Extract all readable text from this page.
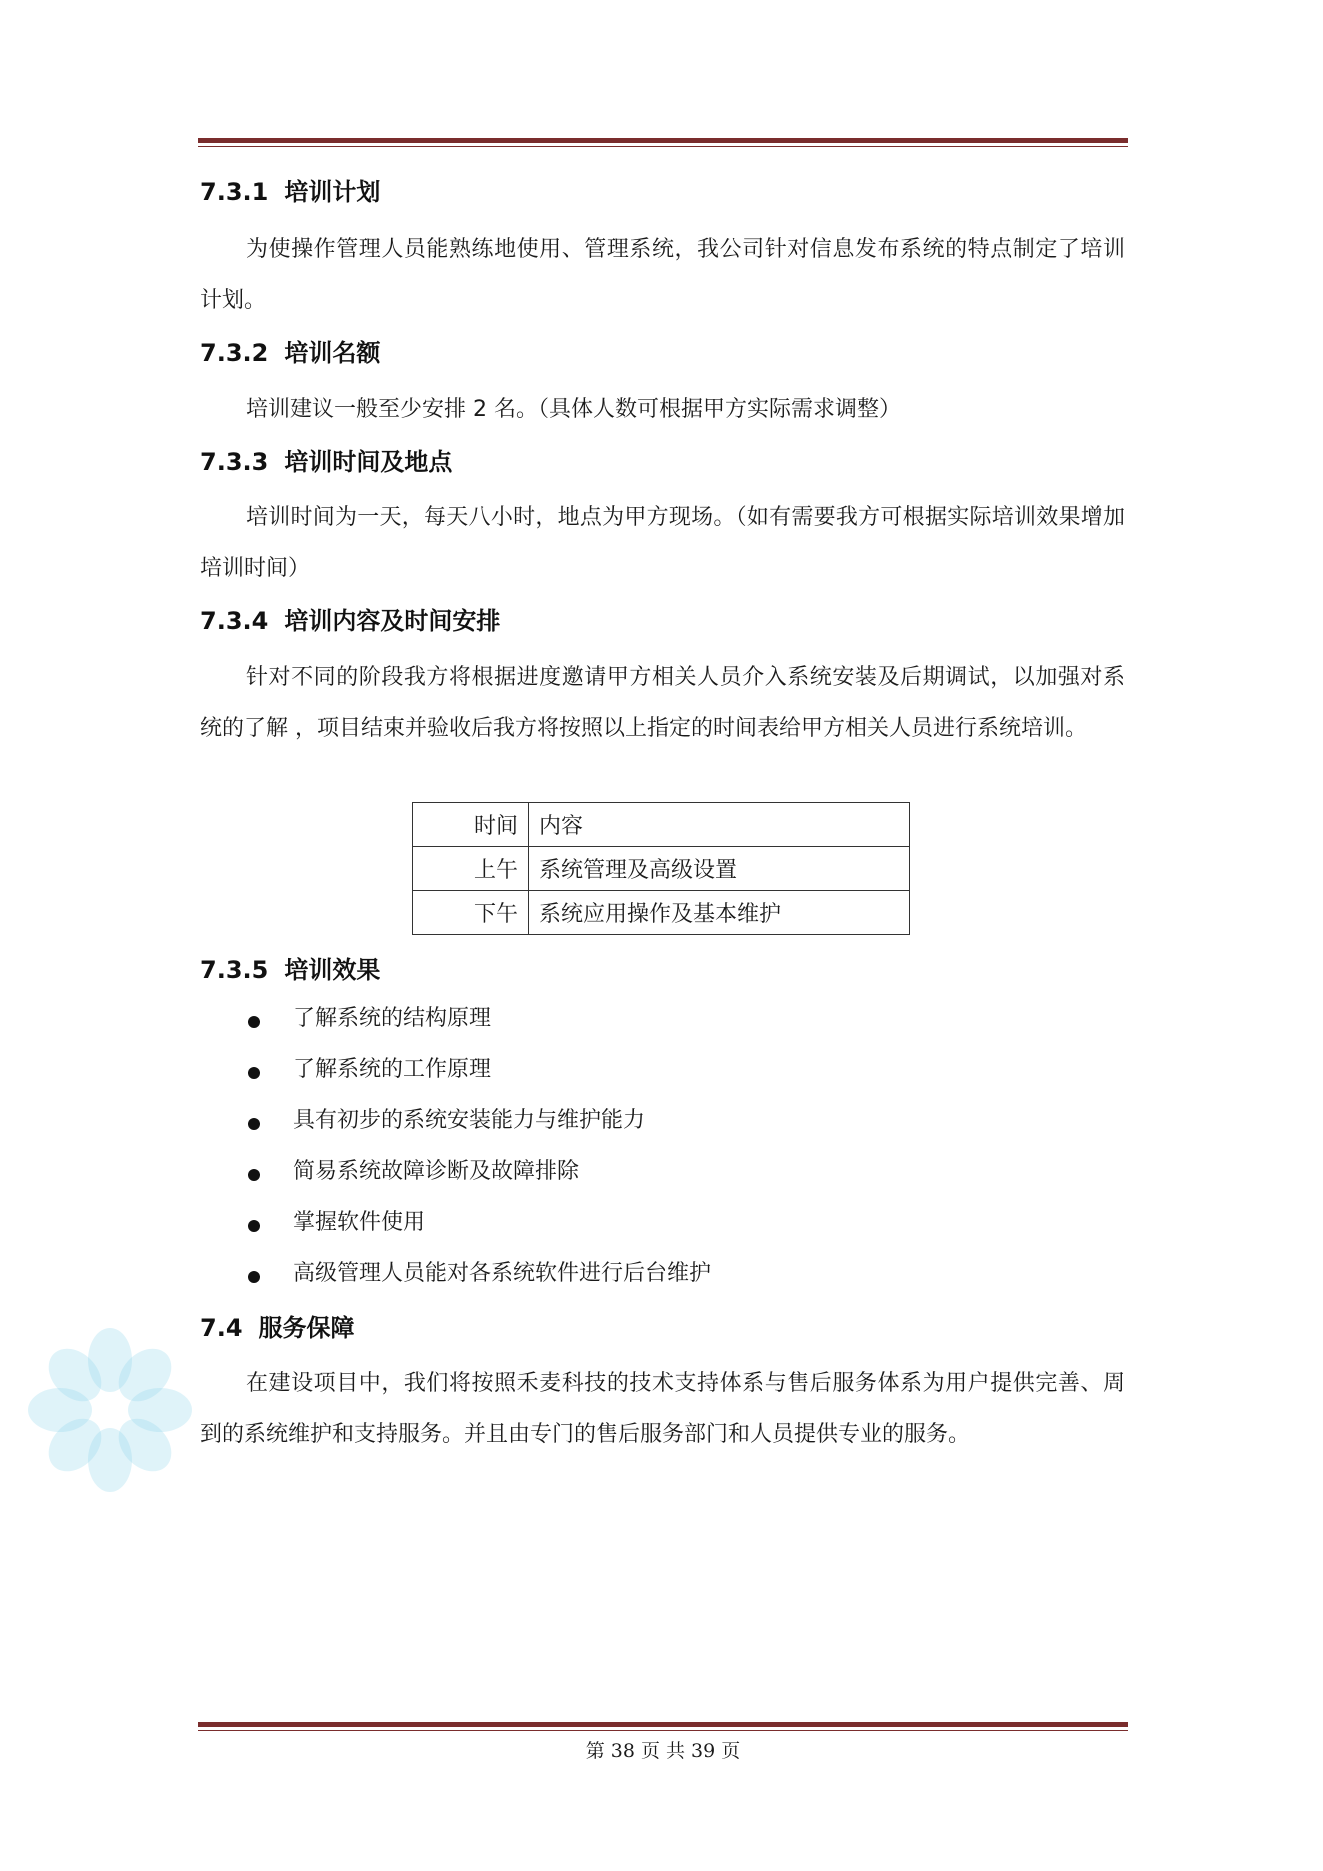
7.3.1 培训计划

为使操作管理人员能熟练地使用、管理系统，我公司针对信息发布系统的特点制定了培训计划。

7.3.2 培训名额

培训建议一般至少安排 2 名。（具体人数可根据甲方实际需求调整）

7.3.3 培训时间及地点

培训时间为一天，每天八小时，地点为甲方现场。（如有需要我方可根据实际培训效果增加培训时间）

7.3.4 培训内容及时间安排

针对不同的阶段我方将根据进度邀请甲方相关人员介入系统安装及后期调试，以加强对系统的了解 ，项目结束并验收后我方将按照以上指定的时间表给甲方相关人员进行系统培训。

时间	内容
上午	系统管理及高级设置
下午	系统应用操作及基本维护
7.3.5 培训效果
了解系统的结构原理
了解系统的工作原理
具有初步的系统安装能力与维护能力
简易系统故障诊断及故障排除
掌握软件使用
高级管理人员能对各系统软件进行后台维护
7.4 服务保障

在建设项目中，我们将按照禾麦科技的技术支持体系与售后服务体系为用户提供完善、周到的系统维护和支持服务。并且由专门的售后服务部门和人员提供专业的服务。

第 38 页 共 39 页
